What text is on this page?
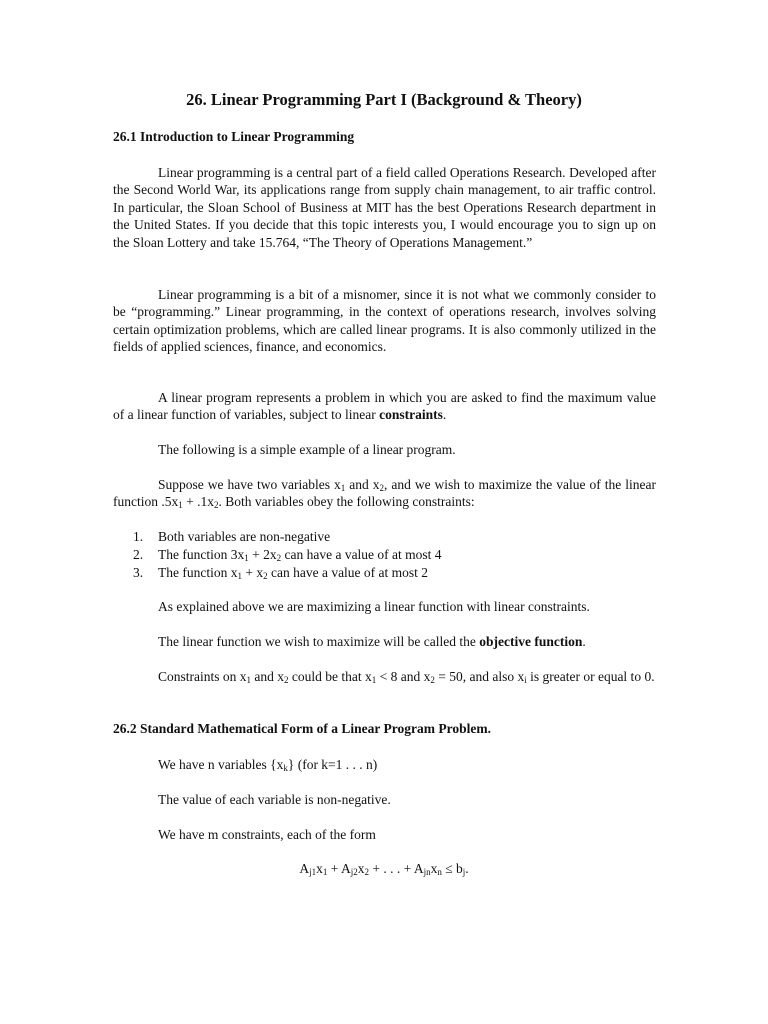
26. Linear Programming Part I (Background & Theory)
26.1 Introduction to Linear Programming

Linear programming is a central part of a field called Operations Research. Developed after the Second World War, its applications range from supply chain management, to air traffic control. In particular, the Sloan School of Business at MIT has the best Operations Research department in the United States. If you decide that this topic interests you, I would encourage you to sign up on the Sloan Lottery and take 15.764, “The Theory of Operations Management.”

Linear programming is a bit of a misnomer, since it is not what we commonly consider to be “programming.” Linear programming, in the context of operations research, involves solving certain optimization problems, which are called linear programs. It is also commonly utilized in the fields of applied sciences, finance, and economics.

A linear program represents a problem in which you are asked to find the maximum value of a linear function of variables, subject to linear constraints.

The following is a simple example of a linear program.

Suppose we have two variables $x_1$ and $x_2$, and we wish to maximize the value of the linear function $.5x_1 + .1x_2$. Both variables obey the following constraints:

1.	Both variables are non-negative
2.	The function $3x_1 + 2x_2$ can have a value of at most 4
3.	The function $x_1 + x_2$ can have a value of at most 2

As explained above we are maximizing a linear function with linear constraints.

The linear function we wish to maximize will be called the objective function.

Constraints on $x_1$ and $x_2$ could be that $x_1 < 8$ and $x_2 = 50$, and also $x_i$ is greater or equal to 0.

26.2 Standard Mathematical Form of a Linear Program Problem.

We have n variables $\{x_k\}$ (for k=1 . . . n)

The value of each variable is non-negative.

We have m constraints, each of the form

$A_{j1}x_1 + A_{j2}x_2$ + . . . + $A_{jn}x_n \le b_j$.
